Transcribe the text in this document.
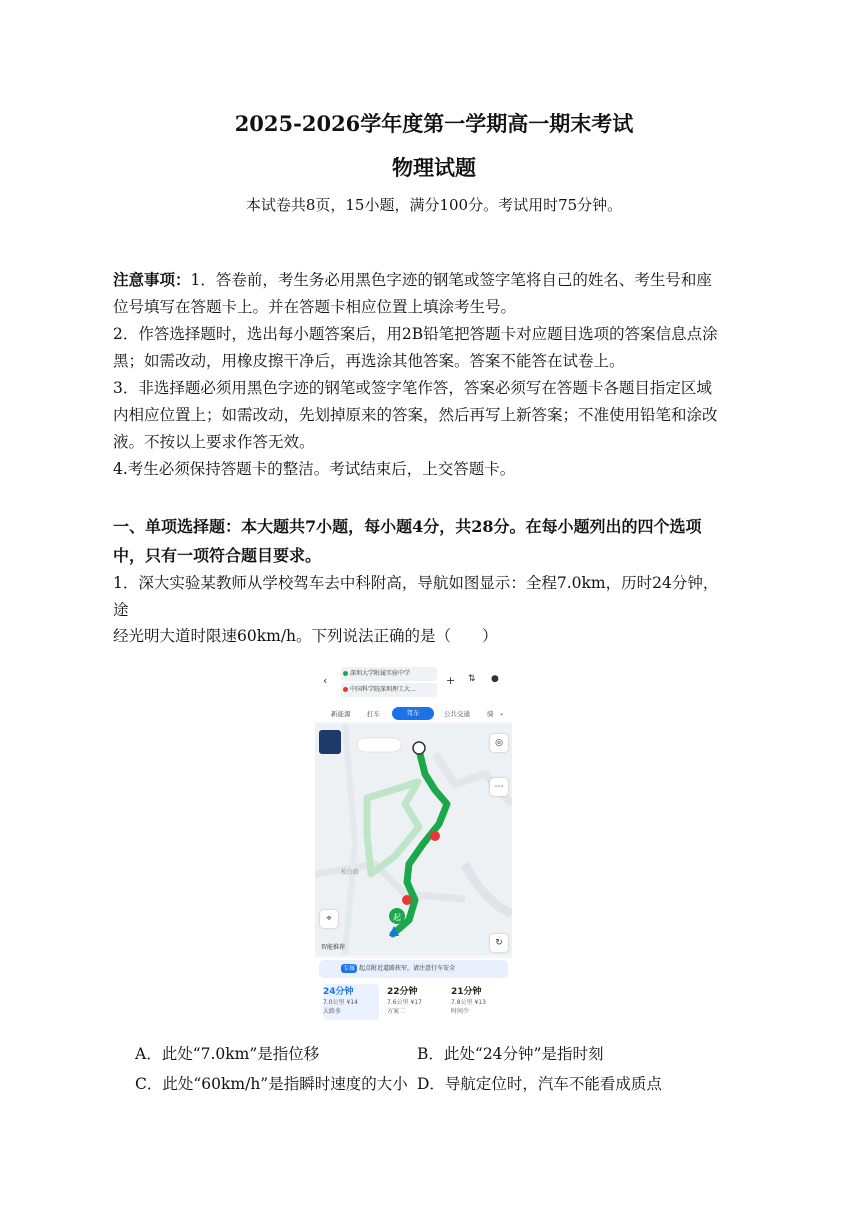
2025-2026学年度第一学期高一期末考试
物理试题
本试卷共8页，15小题，满分100分。考试用时75分钟。

注意事项：1．答卷前，考生务必用黑色字迹的钢笔或签字笔将自己的姓名、考生号和座位号填写在答题卡上。并在答题卡相应位置上填涂考生号。

2．作答选择题时，选出每小题答案后，用2B铅笔把答题卡对应题目选项的答案信息点涂黑；如需改动，用橡皮擦干净后，再选涂其他答案。答案不能答在试卷上。

3．非选择题必须用黑色字迹的钢笔或签字笔作答，答案必须写在答题卡各题目指定区域内相应位置上；如需改动，先划掉原来的答案，然后再写上新答案；不准使用铅笔和涂改液。不按以上要求作答无效。

4.考生必须保持答题卡的整洁。考试结束后，上交答题卡。

一、单项选择题：本大题共7小题，每小题4分，共28分。在每小题列出的四个选项中，只有一项符合题目要求。
1．深大实验某教师从学校驾车去中科附高，导航如图显示：全程7.0km，历时24分钟，途
经光明大道时限速60km/h。下列说法正确的是（　　）
‹
深圳大学附属实验中学
中国科学院深圳理工大...
+ ⇅ ●
新能源	打车	驾车	公共交通	骑 ⌄
起
松白路
◎
⋯
⌖
↻
智能推荐
专属 起点附近道路狭窄，请注意行车安全
24分钟
7.0公里 ¥14
大路多
22分钟
7.6公里 ¥17
方案二
21分钟
7.8公里 ¥13
时间少
A．此处“7.0km”是指位移	B．此处“24分钟”是指时刻
C．此处“60km/h”是指瞬时速度的大小 D．导航定位时，汽车不能看成质点
